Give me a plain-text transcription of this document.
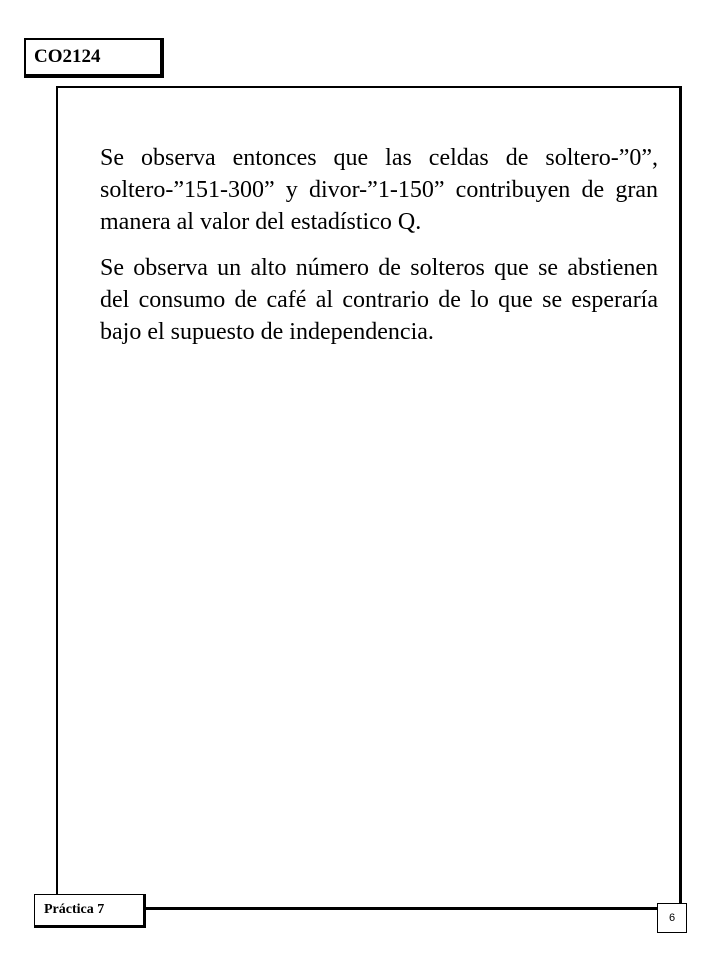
CO2124

Se observa entonces que las celdas de soltero-”0”, soltero-”151-300” y divor-”1-150” contribuyen de gran manera al valor del estadístico Q.

Se observa un alto número de solteros que se abstienen del consumo de café al contrario de lo que se esperaría bajo el supuesto de independencia.

Práctica 7
6
